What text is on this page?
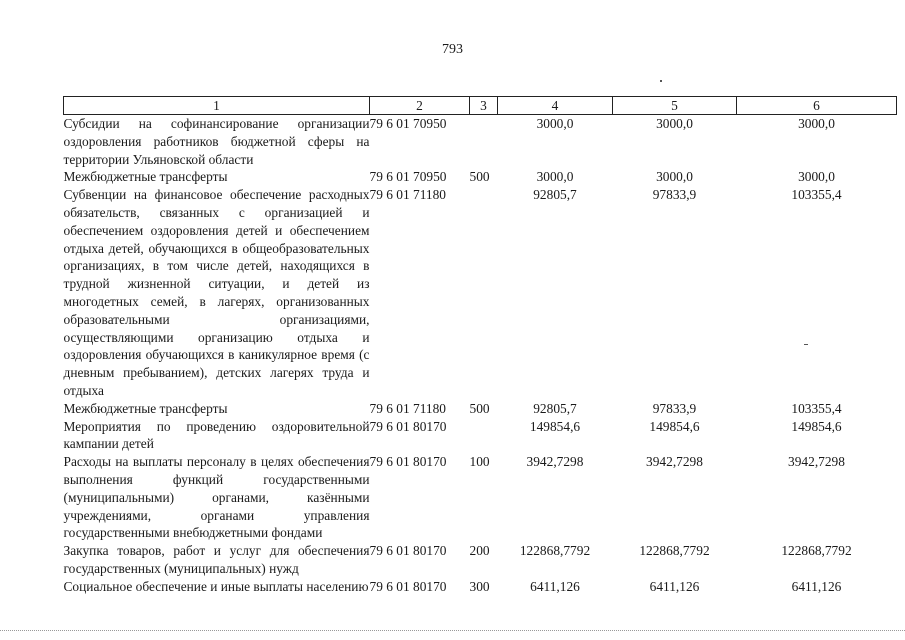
793
1	2	3	4	5	6
Субсидии на софинансирование организации оздоровления работников бюджетной сферы на территории Ульяновской области	79 6 01 70950		3000,0	3000,0	3000,0
Межбюджетные трансферты	79 6 01 70950	500	3000,0	3000,0	3000,0
Субвенции на финансовое обеспечение расходных обязательств, связанных с организацией и обеспечением оздоровления детей и обеспечением отдыха детей, обучающихся в общеобразовательных организациях, в том числе детей, находящихся в трудной жизненной ситуации, и детей из многодетных семей, в лагерях, организованных образовательными организациями, осуществляющими организацию отдыха и оздоровления обучающихся в каникулярное время (с дневным пребыванием), детских лагерях труда и отдыха	79 6 01 71180		92805,7	97833,9	103355,4
Межбюджетные трансферты	79 6 01 71180	500	92805,7	97833,9	103355,4
Мероприятия по проведению оздоровительной кампании детей	79 6 01 80170		149854,6	149854,6	149854,6
Расходы на выплаты персоналу в целях обеспечения выполнения функций государственными (муниципальными) органами, казёнными учреждениями, органами управления государственными внебюджетными фондами	79 6 01 80170	100	3942,7298	3942,7298	3942,7298
Закупка товаров, работ и услуг для обеспечения государственных (муниципальных) нужд	79 6 01 80170	200	122868,7792	122868,7792	122868,7792
Социальное обеспечение и иные выплаты населению	79 6 01 80170	300	6411,126	6411,126	6411,126
